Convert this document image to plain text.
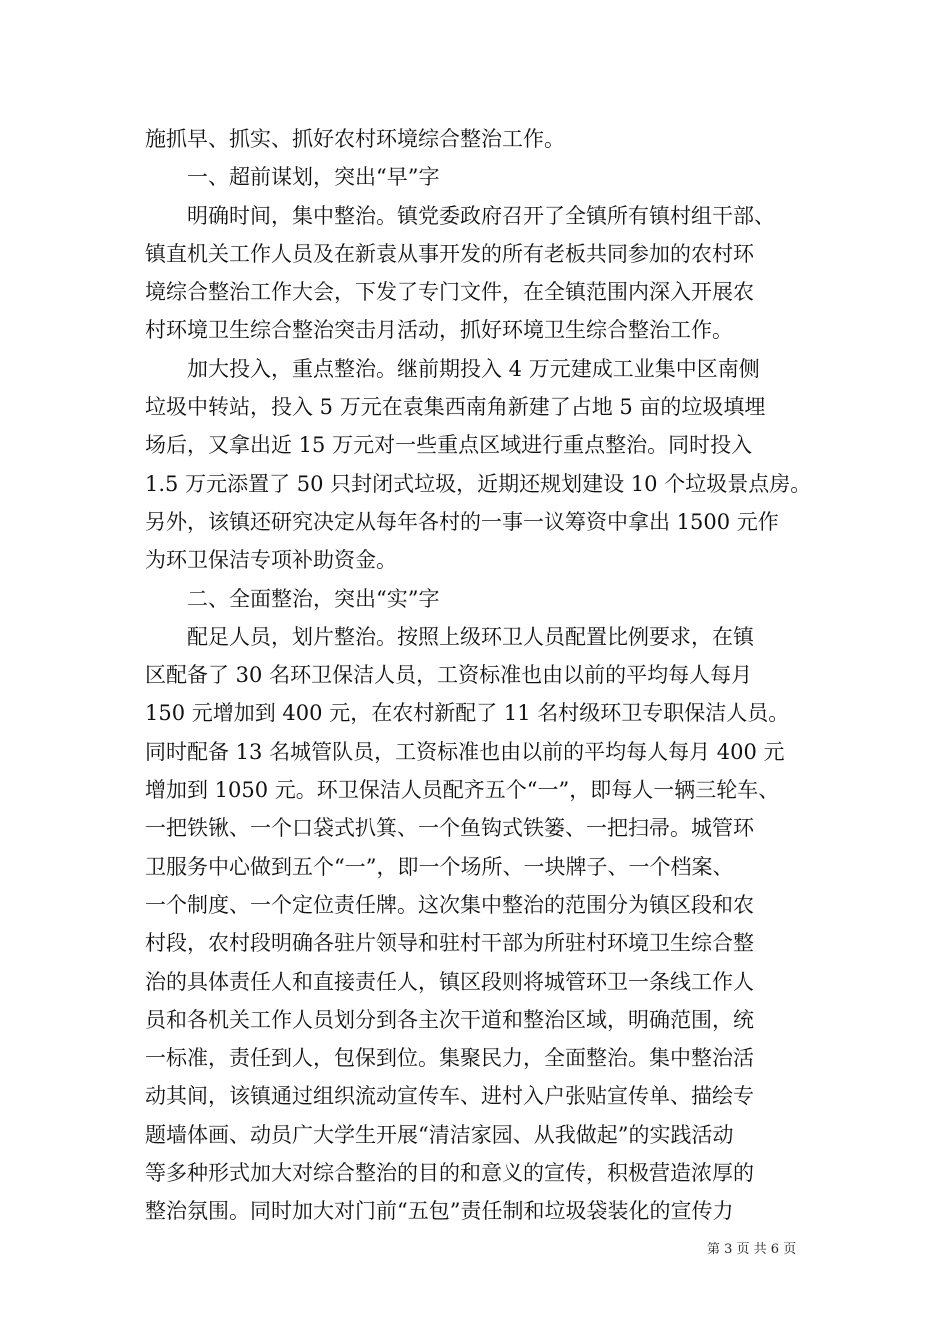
施抓早、抓实、抓好农村环境综合整治工作。
一、超前谋划，突出“早”字
明确时间，集中整治。镇党委政府召开了全镇所有镇村组干部、
镇直机关工作人员及在新袁从事开发的所有老板共同参加的农村环
境综合整治工作大会，下发了专门文件，在全镇范围内深入开展农
村环境卫生综合整治突击月活动，抓好环境卫生综合整治工作。
加大投入，重点整治。继前期投入 4 万元建成工业集中区南侧
垃圾中转站，投入 5 万元在袁集西南角新建了占地 5 亩的垃圾填埋
场后，又拿出近 15 万元对一些重点区域进行重点整治。同时投入
1.5 万元添置了 50 只封闭式垃圾，近期还规划建设 10 个垃圾景点房。
另外，该镇还研究决定从每年各村的一事一议筹资中拿出 1500 元作
为环卫保洁专项补助资金。
二、全面整治，突出“实”字
配足人员，划片整治。按照上级环卫人员配置比例要求，在镇
区配备了 30 名环卫保洁人员，工资标准也由以前的平均每人每月
150 元增加到 400 元，在农村新配了 11 名村级环卫专职保洁人员。
同时配备 13 名城管队员，工资标准也由以前的平均每人每月 400 元
增加到 1050 元。环卫保洁人员配齐五个“一”，即每人一辆三轮车、
一把铁锹、一个口袋式扒箕、一个鱼钩式铁篓、一把扫帚。城管环
卫服务中心做到五个“一”，即一个场所、一块牌子、一个档案、
一个制度、一个定位责任牌。这次集中整治的范围分为镇区段和农
村段，农村段明确各驻片领导和驻村干部为所驻村环境卫生综合整
治的具体责任人和直接责任人，镇区段则将城管环卫一条线工作人
员和各机关工作人员划分到各主次干道和整治区域，明确范围，统
一标准，责任到人，包保到位。集聚民力，全面整治。集中整治活
动其间，该镇通过组织流动宣传车、进村入户张贴宣传单、描绘专
题墙体画、动员广大学生开展“清洁家园、从我做起”的实践活动
等多种形式加大对综合整治的目的和意义的宣传，积极营造浓厚的
整治氛围。同时加大对门前“五包”责任制和垃圾袋装化的宣传力
第 3 页 共 6 页
